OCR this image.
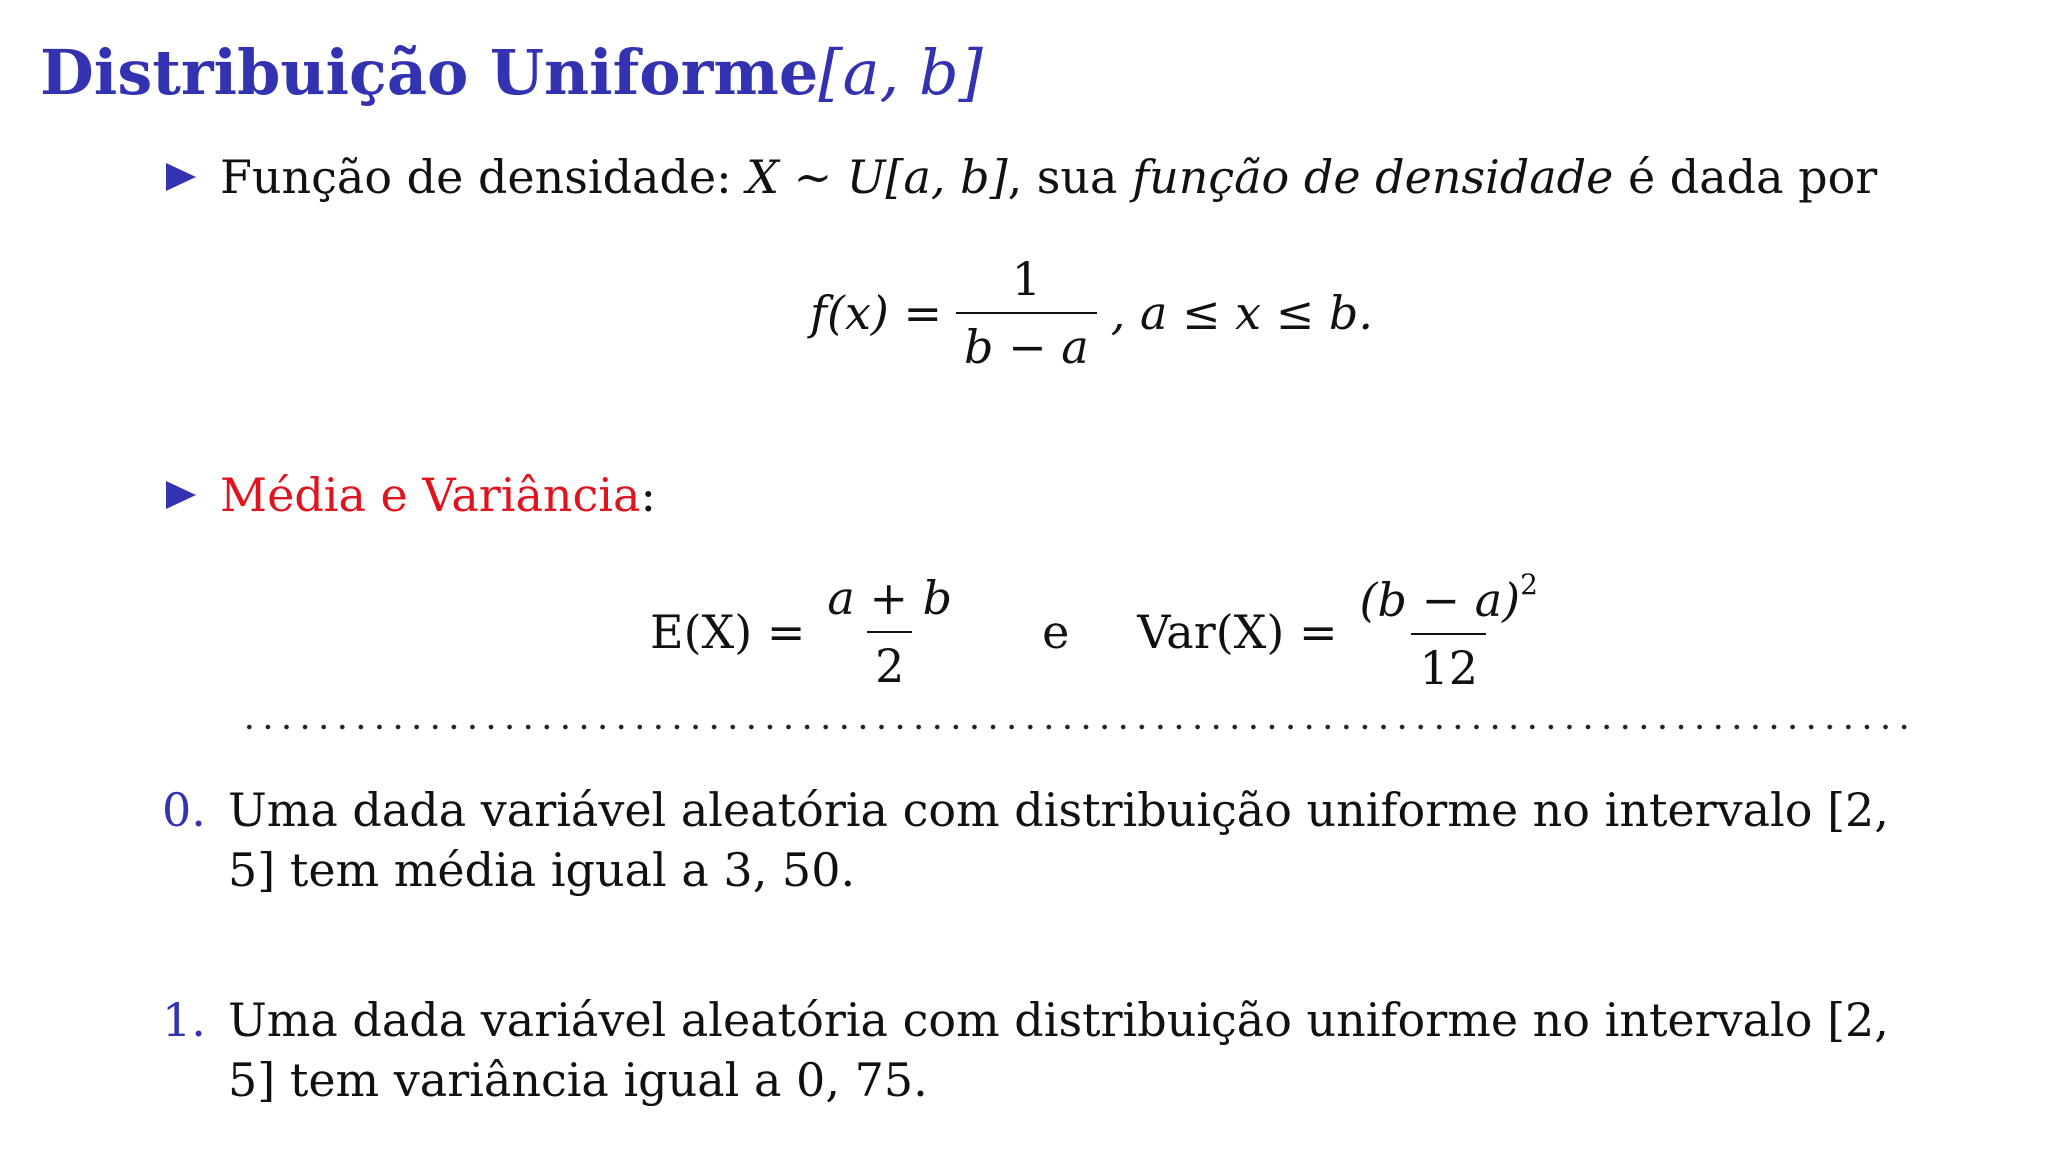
Distribuição Uniforme[a, b]
Função de densidade: X ∼ U[a, b], sua função de densidade é dada por
$f(x) = \frac{1}{b - a}$ , a ≤ x ≤ b.
Média e Variância:
$E(X) = \frac{a + b}{2}$ e $Var(X) = \frac{(b - a)^2}{12}$
0. Uma dada variável aleatória com distribuição uniforme no intervalo [2, 5] tem média igual a 3, 50.
1. Uma dada variável aleatória com distribuição uniforme no intervalo [2, 5] tem variância igual a 0, 75.
